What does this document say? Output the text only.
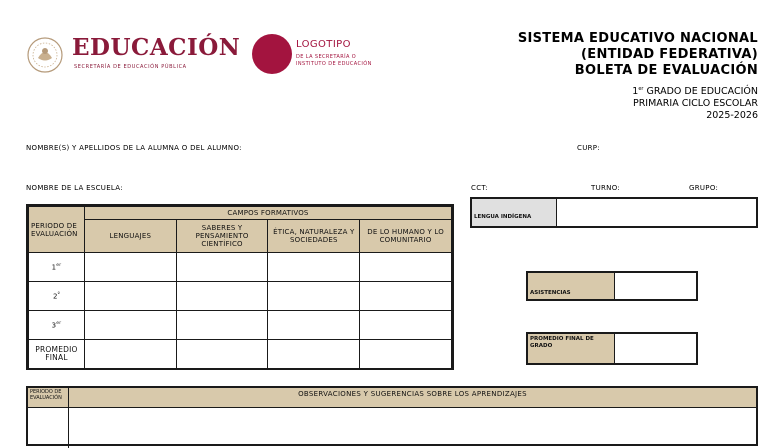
EDUCACIÓN
SECRETARÍA DE EDUCACIÓN PÚBLICA
LOGOTIPO
DE LA SECRETARÍA O
INSTITUTO DE EDUCACIÓN
SISTEMA EDUCATIVO NACIONAL
(ENTIDAD FEDERATIVA)
BOLETA DE EVALUACIÓN
1er GRADO DE EDUCACIÓN
PRIMARIA CICLO ESCOLAR
2025-2026
NOMBRE(S) Y APELLIDOS DE LA ALUMNA O DEL ALUMNO:	CURP:
NOMBRE DE LA ESCUELA:	CCT:	TURNO:	GRUPO:
PERIODO DE EVALUACIÓN	CAMPOS FORMATIVOS			

	LENGUAJES	SABERES Y PENSAMIENTO CIENTÍFICO	ÉTICA, NATURALEZA Y SOCIEDADES	DE LO HUMANO Y LO COMUNITARIO

1er

$2^º$

3er

PROMEDIO FINAL				

LENGUA INDÍGENA
ASISTENCIAS
PROMEDIO FINAL DE GRADO
PERIODO DE EVALUACIÓN	OBSERVACIONES Y SUGERENCIAS SOBRE LOS APRENDIZAJES
